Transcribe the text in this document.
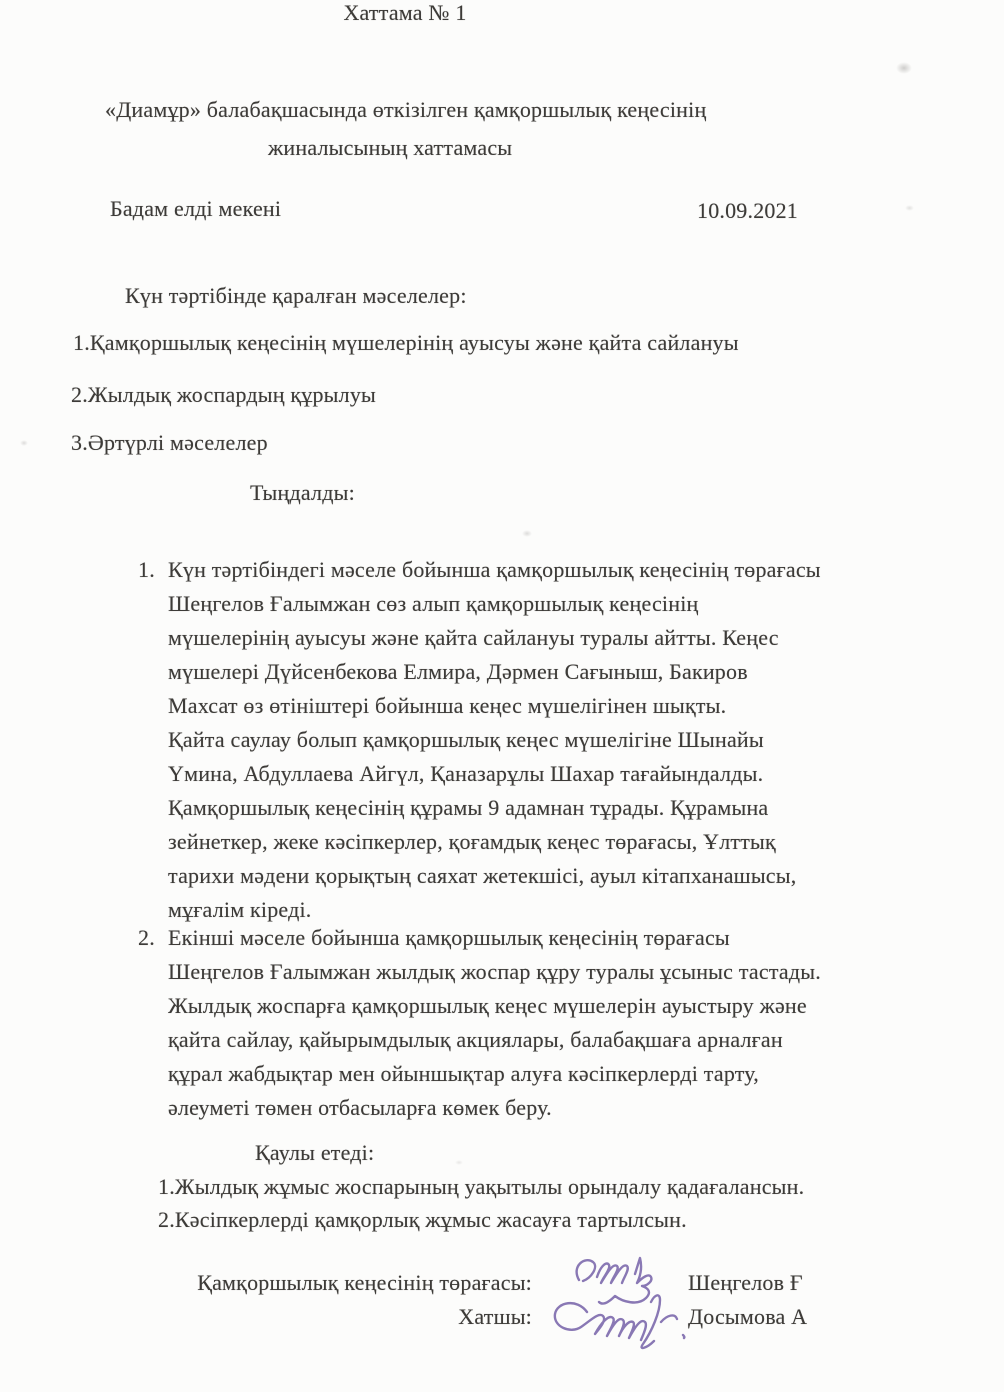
Хаттама № 1
«Диамұр» балабақшасында өткізілген қамқоршылық кеңесінің
жиналысының хаттамасы
Бадам елді мекені	10.09.2021
Күн тәртібінде қаралған мәселелер:
1.Қамқоршылық кеңесінің мүшелерінің ауысуы және қайта сайлануы
2.Жылдық жоспардың құрылуы
3.Әртүрлі мәселелер
Тыңдалды:
1. Күн тәртібіндегі мәселе бойынша қамқоршылық кеңесінің төрағасы
Шеңгелов Ғалымжан сөз алып қамқоршылық кеңесінің
мүшелерінің ауысуы және қайта сайлануы туралы айтты. Кеңес
мүшелері Дүйсенбекова Елмира, Дәрмен Сағыныш, Бакиров
Махсат өз өтініштері бойынша кеңес мүшелігінен шықты.
Қайта саулау болып қамқоршылық кеңес мүшелігіне Шынайы
Үмина, Абдуллаева Айгүл, Қаназарұлы Шахар тағайындалды.
Қамқоршылық кеңесінің құрамы 9 адамнан тұрады. Құрамына
зейнеткер, жеке кәсіпкерлер, қоғамдық кеңес төрағасы, Ұлттық
тарихи мәдени қорықтың саяхат жетекшісі, ауыл кітапханашысы,
мұғалім кіреді.
2. Екінші мәселе бойынша қамқоршылық кеңесінің төрағасы
Шеңгелов Ғалымжан жылдық жоспар құру туралы ұсыныс тастады.
Жылдық жоспарға қамқоршылық кеңес мүшелерін ауыстыру және
қайта сайлау, қайырымдылық акциялары, балабақшаға арналған
құрал жабдықтар мен ойыншықтар алуға кәсіпкерлерді тарту,
әлеуметі төмен отбасыларға көмек беру.
Қаулы етеді:
1.Жылдық жұмыс жоспарының уақытылы орындалу қадағалансын.
2.Кәсіпкерлерді қамқорлық жұмыс жасауға тартылсын.
Қамқоршылық кеңесінің төрағасы:	Шеңгелов Ғ
Хатшы:	Досымова А
